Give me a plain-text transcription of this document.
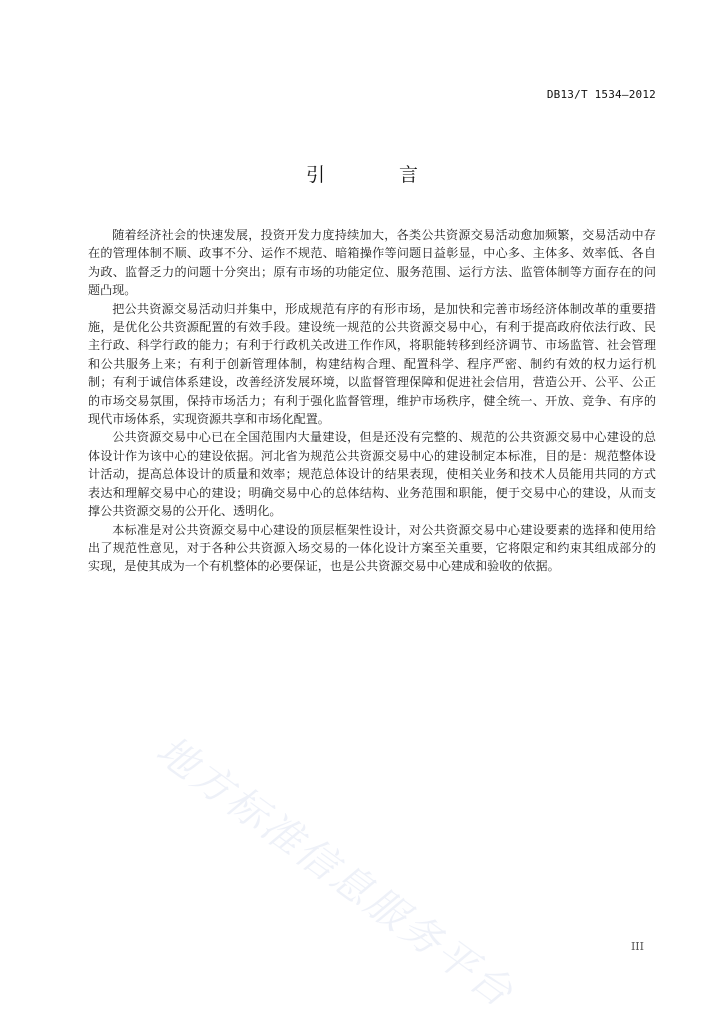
DB13/T 1534—2012
引 言

随着经济社会的快速发展，投资开发力度持续加大，各类公共资源交易活动愈加频繁，交易活动中存在的管理体制不顺、政事不分、运作不规范、暗箱操作等问题日益彰显，中心多、主体多、效率低、各自为政、监督乏力的问题十分突出；原有市场的功能定位、服务范围、运行方法、监管体制等方面存在的问题凸现。

把公共资源交易活动归并集中，形成规范有序的有形市场，是加快和完善市场经济体制改革的重要措施，是优化公共资源配置的有效手段。建设统一规范的公共资源交易中心，有利于提高政府依法行政、民主行政、科学行政的能力；有利于行政机关改进工作作风，将职能转移到经济调节、市场监管、社会管理和公共服务上来；有利于创新管理体制，构建结构合理、配置科学、程序严密、制约有效的权力运行机制；有利于诚信体系建设，改善经济发展环境，以监督管理保障和促进社会信用，营造公开、公平、公正的市场交易氛围，保持市场活力；有利于强化监督管理，维护市场秩序，健全统一、开放、竞争、有序的现代市场体系，实现资源共享和市场化配置。

公共资源交易中心已在全国范围内大量建设，但是还没有完整的、规范的公共资源交易中心建设的总体设计作为该中心的建设依据。河北省为规范公共资源交易中心的建设制定本标准，目的是：规范整体设计活动，提高总体设计的质量和效率；规范总体设计的结果表现，使相关业务和技术人员能用共同的方式表达和理解交易中心的建设；明确交易中心的总体结构、业务范围和职能，便于交易中心的建设，从而支撑公共资源交易的公开化、透明化。

本标准是对公共资源交易中心建设的顶层框架性设计，对公共资源交易中心建设要素的选择和使用给出了规范性意见，对于各种公共资源入场交易的一体化设计方案至关重要，它将限定和约束其组成部分的实现，是使其成为一个有机整体的必要保证，也是公共资源交易中心建成和验收的依据。

地方标准信息服务平台	III
